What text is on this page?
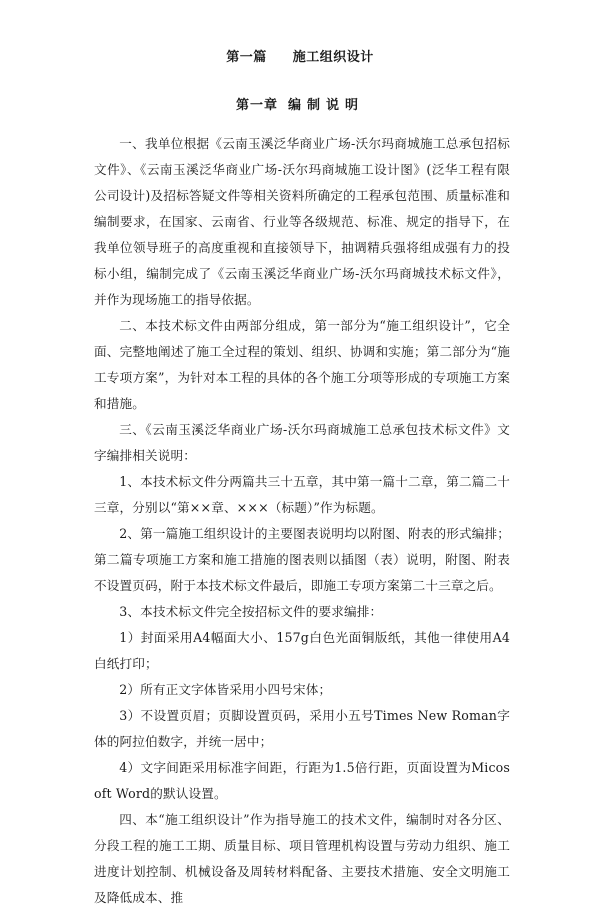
第一篇 施工组织设计
第一章 编制说明

一、我单位根据《云南玉溪泛华商业广场-沃尔玛商城施工总承包招标文件》、《云南玉溪泛华商业广场-沃尔玛商城施工设计图》(泛华工程有限公司设计)及招标答疑文件等相关资料所确定的工程承包范围、质量标准和编制要求，在国家、云南省、行业等各级规范、标准、规定的指导下，在我单位领导班子的高度重视和直接领导下，抽调精兵强将组成强有力的投标小组，编制完成了《云南玉溪泛华商业广场-沃尔玛商城技术标文件》，并作为现场施工的指导依据。

二、本技术标文件由两部分组成，第一部分为“施工组织设计”，它全面、完整地阐述了施工全过程的策划、组织、协调和实施；第二部分为“施工专项方案”，为针对本工程的具体的各个施工分项等形成的专项施工方案和措施。

三、《云南玉溪泛华商业广场-沃尔玛商城施工总承包技术标文件》文字编排相关说明：

1、本技术标文件分两篇共三十五章，其中第一篇十二章，第二篇二十三章，分别以“第××章、×××（标题）”作为标题。

2、第一篇施工组织设计的主要图表说明均以附图、附表的形式编排；第二篇专项施工方案和施工措施的图表则以插图（表）说明，附图、附表不设置页码，附于本技术标文件最后，即施工专项方案第二十三章之后。

3、本技术标文件完全按招标文件的要求编排：

1）封面采用A4幅面大小、157g白色光面铜版纸，其他一律使用A4白纸打印；

2）所有正文字体皆采用小四号宋体；

3）不设置页眉；页脚设置页码，采用小五号Times New Roman字体的阿拉伯数字，并统一居中；

4）文字间距采用标准字间距，行距为1.5倍行距，页面设置为Micosoft Word的默认设置。

四、本“施工组织设计”作为指导施工的技术文件，编制时对各分区、分段工程的施工工期、质量目标、项目管理机构设置与劳动力组织、施工进度计划控制、机械设备及周转材料配备、主要技术措施、安全文明施工及降低成本、推
